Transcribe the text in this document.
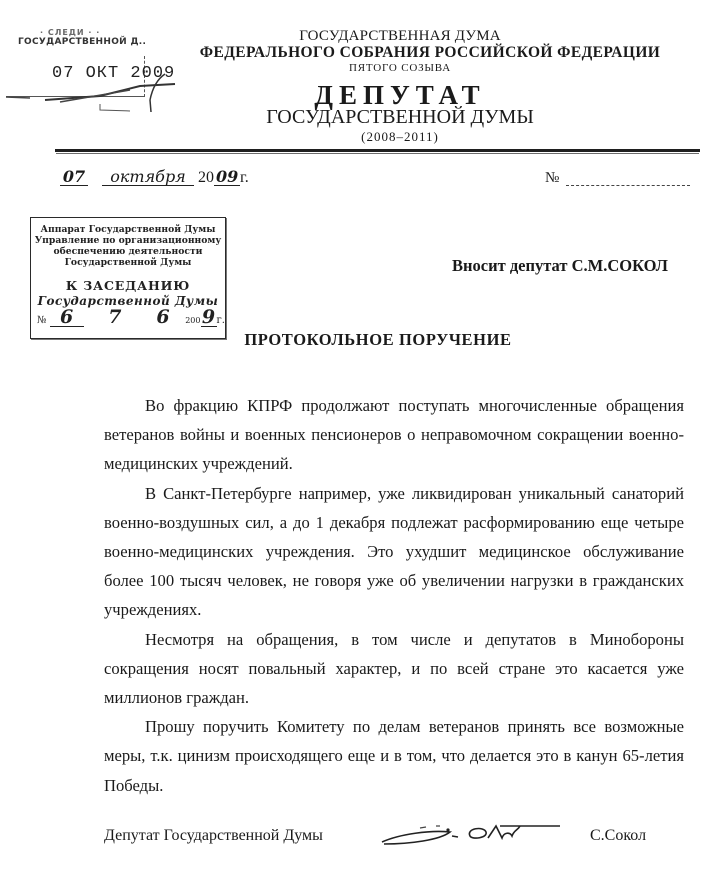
· СЛЕДИ · ·
ГОСУДАРСТВЕННОЙ Д..
07 ОКТ 2009
ГОСУДАРСТВЕННАЯ ДУМА
ФЕДЕРАЛЬНОГО СОБРАНИЯ РОССИЙСКОЙ ФЕДЕРАЦИИ
ПЯТОГО СОЗЫВА
ДЕПУТАТ
ГОСУДАРСТВЕННОЙ ДУМЫ
(2008–2011)
07 октября 20 09 г.	№
Аппарат Государственной Думы
Управление по организационному
обеспечению деятельности
Государственной Думы
К ЗАСЕДАНИЮ
Государственной Думы
№ 6 7 6 2009г.
Вносит депутат С.М.СОКОЛ
ПРОТОКОЛЬНОЕ ПОРУЧЕНИЕ

Во фракцию КПРФ продолжают поступать многочисленные обращения ветеранов войны и военных пенсионеров о неправомочном сокращении военно-медицинских учреждений.

В Санкт-Петербурге например, уже ликвидирован уникальный санаторий военно-воздушных сил, а до 1 декабря подлежат расформированию еще четыре военно-медицинских учреждения. Это ухудшит медицинское обслуживание более 100 тысяч человек, не говоря уже об увеличении нагрузки в гражданских учреждениях.

Несмотря на обращения, в том числе и депутатов в Минобороны сокращения носят повальный характер, и по всей стране это касается уже миллионов граждан.

Прошу поручить Комитету по делам ветеранов принять все возможные меры, т.к. цинизм происходящего еще и в том, что делается это в канун 65-летия Победы.

Депутат Государственной Думы	С.Сокол
